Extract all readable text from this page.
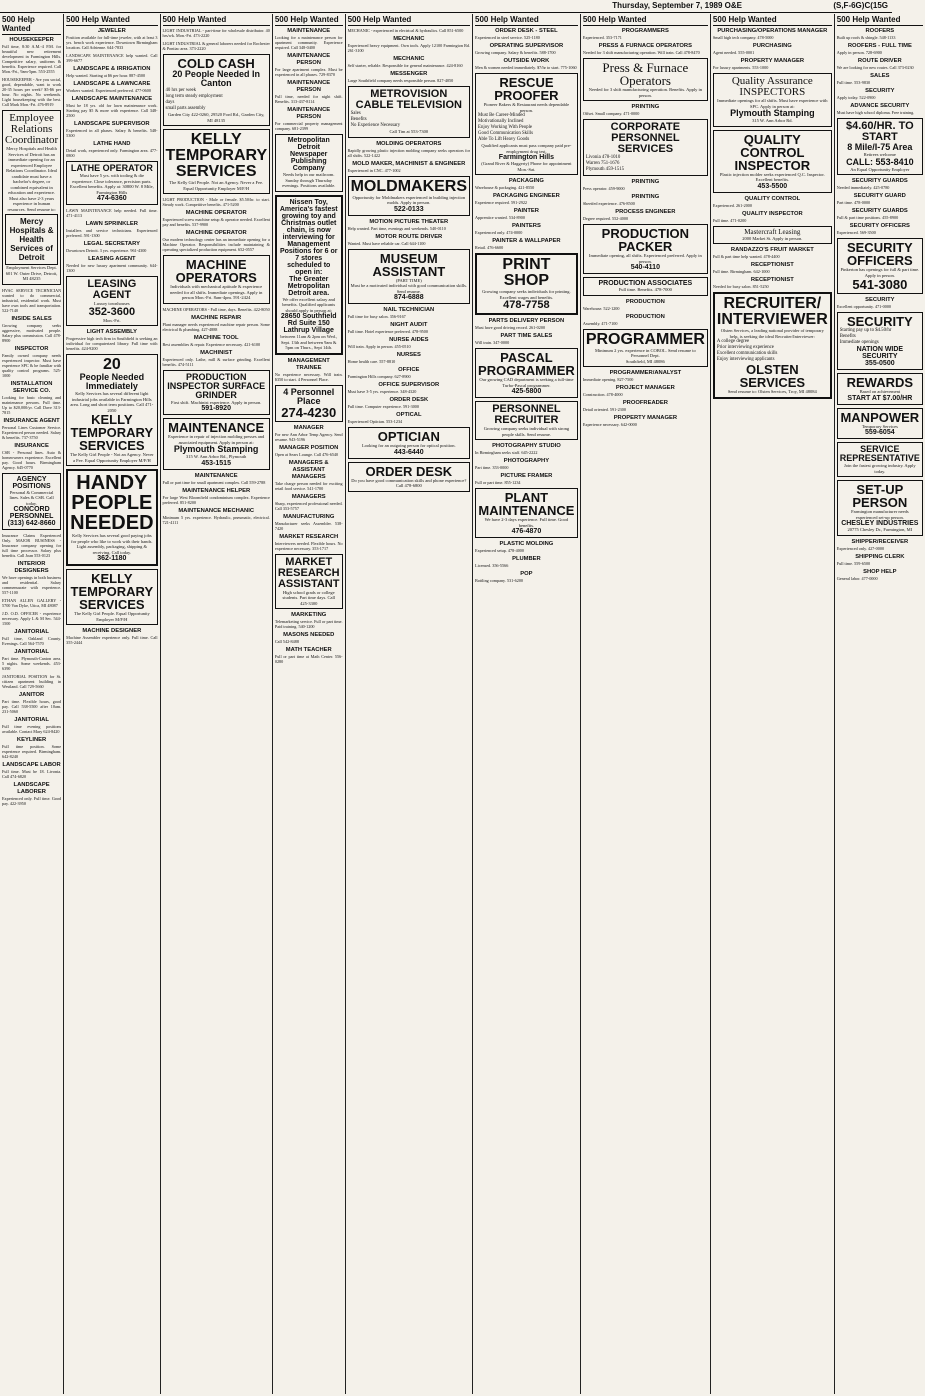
Thursday, September 7, 1989 O&E	(S,F-6G)C(15G
500 Help Wanted
HOUSEKEEPER
Full time, 8:30 A.M.-4 P.M. for beautiful new retirement development in Farmington Hills. Competitive salary, uniforms & benefits. Experience required. Call Mon.-Fri., 9am-5pm. 553-2555
HOUSEKEEPER - Are you social, good, dependable, want to work 20-35 hours per week? $5-$6 per hour. No nights. No weekends. Light housekeeping with the best. Call Mark Mon.-Fri. 476-8919
Employee Relations Coordinator
Mercy Hospitals and Health Services of Detroit has an immediate opening for an experienced Employee Relations Coordinator. Ideal candidate must have a bachelor's degree, or combined equivalent in education and experience. Must also have 2-3 years experience in human resources. Send resume to:
Mercy Hospitals & Health Services of Detroit
Employment Services Dept. 601 W. Outer Drive, Detroit, MI 48235
HVAC SERVICE TECHNICIAN wanted to do commercial, industrial, residential work. Must have own tools and transportation. 522-7140
INSIDE SALES
Growing company seeks aggressive, motivated people. Salary plus commission. Call 478-8900
INSPECTOR
Family owned company needs experienced inspector. Must have experience SPC & be familiar with quality control programs. 525-1000
INSTALLATION SERVICE CO.
Looking for basic cleaning and maintenance persons. Full time. Up to $20,000/yr. Call Dave 313-7815
INSURANCE AGENT
Personal Lines Customer Service. Experienced person needed. Salary & benefits. 737-3750
INSURANCE
CSR - Personal lines. Auto & homeowners experience. Excellent pay. Good hours. Birmingham Agency. 645-0770
AGENCY POSITIONS
Personal & Commercial lines. Sales & CSR. Call today.
CONCORD PERSONNEL
(313) 642-8660
Insurance Claims Experienced Only. MAJOR BUSINESS - Insurance company opening for full time processor. Salary plus benefits. Call Joan 553-0123
INTERIOR DESIGNERS
We have openings in both business and residential. Salary commensurate with experience. 557-1100
ETHAN ALLEN GALLERY - 5700 Van Dyke, Utica, MI 48087
J.D. O.D. OFFICER - experience necessary. Apply L & M Sec. 544-1500
JANITORIAL
Full time, Oakland County. Evenings. Call 564-7570
JANITORIAL
Part time. Plymouth-Canton area. 5 nights. Some weekends. 453-6390
JANITORIAL POSITION for St. citizen apartment building in Westland. Call 729-5660
JANITOR
Part time. Flexible hours, good pay. Call 538-5500 after 10am. 231-5060
JANITORIAL
Full time evening positions available. Contact Mary 624-8420
KEYLINER
Full time position. Some experience required. Birmingham. 642-8240
LANDSCAPE LABOR
Full time. Must be 18. Livonia. Call 474-6820
LANDSCAPE LABORER
Experienced only. Full time. Good pay. 422-3950
500 Help Wanted
JEWELER
Position available for full-time jeweler, with at least 3 yrs. bench work experience. Downtown Birmingham location. Call Adrienne. 644-7833
LANDSCAPE MAINTENANCE help wanted. Call 399-6677
LANDSCAPE & IRRIGATION
Help wanted. Starting at $6 per hour. 887-4500
LANDSCAPE & LAWNCARE
Workers wanted. Experienced preferred. 477-0600
LANDSCAPE MAINTENANCE
Must be 18 yrs. old for lawn maintenance work. Starting pay $5 & more with experience. Call 348-2500
LANDSCAPE SUPERVISOR
Experienced in all phases. Salary & benefits. 548-5300
LATHE HAND
Detail work, experienced only. Farmington area. 477-0800
LATHE OPERATOR
Must have 5 yrs. with tooling & die experience. Close tolerance, precision parts. Excellent benefits. Apply at: 30800 W. 8 Mile, Farmington Hills
474-6360
LAWN MAINTENANCE help needed. Full time. 471-4113
LAWN SPRINKLER
Installers and service technicians. Experienced preferred. 591-1300
LEGAL SECRETARY
Downtown Detroit. 3 yrs. experience. 961-4300
LEASING AGENT
Needed for new luxury apartment community. 644-1300
LEASING AGENT
Luxury townhouses
352-3600
Mon.-Fri.
LIGHT ASSEMBLY
Progressive high tech firm in Southfield is seeking an individual for computerized library. Full time with benefits. 424-9200
20
People Needed Immediately
Kelly Services has several different light industrial jobs available in Farmington Hills area. Long and short term positions. Call 471-2050
KELLY TEMPORARY SERVICES
The Kelly Girl People - Not an Agency. Never a Fee. Equal Opportunity Employer M/F/H
HANDY PEOPLE NEEDED
Kelly Services has several good paying jobs for people who like to work with their hands. Light assembly, packaging, shipping & receiving. Call today.
362-1180
KELLY TEMPORARY SERVICES
The Kelly Girl People. Equal Opportunity Employer M/F/H
MACHINE DESIGNER
Machine Assembler experience only. Full time. Call 355-2444
500 Help Wanted
LIGHT INDUSTRIAL - part-time for wholesale distributor. 40 hrs/wk. Mon.-Fri. 473-2220
LIGHT INDUSTRIAL & general laborers needed for Rochester & Pontiac area. 373-2220
COLD CASH
20 People Needed In Canton
40 hrs per week
long term steady employment
days
small parts assembly
Garden City 422-0260, 29520 Ford Rd., Garden City, MI 48135
KELLY TEMPORARY SERVICES
The Kelly Girl People. Not an Agency. Never a Fee. Equal Opportunity Employer M/F/H
LIGHT PRODUCTION - Male or female. $5.50/hr. to start. Steady work. Competitive benefits. 471-5200
MACHINE OPERATOR
Experienced screw machine setup & operator needed. Excellent pay and benefits. 537-9900
MACHINE OPERATOR
Our modern technology center has an immediate opening for a Machine Operator. Responsibilities include maintaining & operating specialized production equipment. 652-0557
MACHINE OPERATORS
Individuals with mechanical aptitude & experience needed for all shifts. Immediate openings. Apply in person Mon.-Fri. 8am-4pm. 591-2424
MACHINE OPERATORS - Full time, days. Benefits. 422-8050
MACHINE REPAIR
Plant manager needs experienced machine repair person. Some electrical & plumbing. 427-4888
MACHINE TOOL
Best assemblies & repair. Experience necessary. 421-6100
MACHINIST
Experienced only. Lathe, mill & surface grinding. Excellent benefits. 474-5111
PRODUCTION INSPECTOR SURFACE GRINDER
First shift. Machinist experience. Apply in person.
591-8920
MAINTENANCE
Experience in repair of injection molding presses and associated equipment. Apply in person at:
Plymouth Stamping
315 W. Ann Arbor Rd., Plymouth
453-1515
MAINTENANCE
Full or part time for small apartment complex. Call 559-2788
MAINTENANCE HELPER
For large West Bloomfield condominium complex. Experience preferred. 851-8200
MAINTENANCE MECHANIC
Minimum 5 yrs. experience. Hydraulic, pneumatic, electrical. 721-4111
500 Help Wanted
MAINTENANCE
Looking for a maintenance person for apartment community. Experience required. Call 348-0400
MAINTENANCE PERSON
For large apartment complex. Must be experienced in all phases. 729-8370
MAINTENANCE PERSON
Full time, needed for night shift. Benefits. 313-437-8114
MAINTENANCE PERSON
For commercial property management company. 681-2399
Metropolitan Detroit Newspaper Publishing Company
Needs help in our mailroom. Sunday through Thursday evenings. Positions available.
Nissen Toy, America's fastest growing toy and Christmas outlet chain, is now interviewing for Management Positions for 6 or 7 stores scheduled to open in:
The Greater Metropolitan Detroit area.
We offer excellent salary and benefits. Qualified applicants should apply in person at:
28650 Southfield Rd Suite 150 Lathrup Village
between 11am & 2pm on Wed., Sept. 13th and between 9am & 5pm on Thurs., Sept 14th.
MANAGEMENT TRAINEE
No experience necessary. Will train. $350 to start. 4 Personnel Place.
4 Personnel Place
274-4230
MANAGER
For new Ann Arbor Temp Agency. Send resume. 943-5196
MANAGER POSITION
Open at Sears Lounge. Call 476-6540
MANAGERS & ASSISTANT MANAGERS
Take charge person needed for exciting retail food service. 541-1700
MANAGERS
Sharp, experienced professional needed. Call 353-5757
MANUFACTURING
Manufacturer seeks Assembler. 538-7420
MARKET RESEARCH
Interviewers needed. Flexible hours. No experience necessary. 353-1717
MARKET RESEARCH ASSISTANT
High school grads or college students. Part time days. Call 425-3300
MARKETING
Telemarketing service. Full or part time. Paid training. 540-1200
MASONS NEEDED
Call 542-8488
MATH TEACHER
Full or part time at Math Center. 556-0280
500 Help Wanted
MECHANIC - experienced in electrical & hydraulics. Call 851-6500
MECHANIC
Experienced heavy equipment. Own tools. Apply 12100 Farmington Rd. 261-3100
MECHANIC
Self starter, reliable. Responsible for general maintenance. 424-8160
MESSENGER
Large Southfield company needs responsible person. 827-4050
METROVISION CABLE TELEVISION
Sales
Benefits
No Experience Necessary
Call Tim at 553-7300
MOLDING OPERATORS
Rapidly growing plastic injection molding company seeks operators for all shifts. 522-1422
MOLD MAKER, MACHINIST & ENGINEER
Experienced in CNC. 477-1002
MOLDMAKERS
Opportunity for Moldmakers experienced in building injection molds. Apply in person.
522-0133
MOTION PICTURE THEATER
Help wanted. Part time, evenings and weekends. 540-0110
MOTOR ROUTE DRIVER
Wanted. Must have reliable car. Call 644-1100
MUSEUM ASSISTANT
(PART TIME)
Must be a motivated individual with good communication skills. Send resume.
874-6888
NAIL TECHNICIAN
Full time for busy salon. 356-9167
NIGHT AUDIT
Full time. Hotel experience preferred. 478-9500
NURSE AIDES
Will train. Apply in person. 455-0510
NURSES
Home health care. 557-8810
OFFICE
Farmington Hills company. 627-8900
OFFICE SUPERVISOR
Must have 3-5 yrs. experience. 348-4320
ORDER DESK
Full time. Computer experience. 591-3000
OPTICAL
Experienced Optician. 553-1234
OPTICIAN
Looking for an outgoing person for optical position.
443-6440
ORDER DESK
Do you have good communication skills and phone experience? Call 478-6800
500 Help Wanted
ORDER DESK - STEEL
Experienced in steel service. 525-1180
OPERATING SUPERVISOR
Growing company. Salary & benefits. 588-1700
OUTSIDE WORK
Men & women needed immediately. $7/hr to start. 775-1060
RESCUE PROOFER
Pioneer Bakers & Restaurant needs dependable person.
Must Be Career-Minded
Motivationally Inclined
Enjoy Working With People
Good Communication Skills
Able To Lift Heavy Goods
Qualified applicants must pass company paid pre-employment drug test.
Farmington Hills
(Grand River & Haggerty) Phone for appointment Mon.-Sat.
PACKAGING
Warehouse & packaging. 421-8550
PACKAGING ENGINEER
Experience required. 591-2922
PAINTER
Apprentice wanted. 534-8900
PAINTERS
Experienced only. 474-0000
PAINTER & WALLPAPER
Retail. 476-6600
PRINT SHOP
Growing company seeks individuals for printing. Excellent wages and benefits.
478-7758
PARTS DELIVERY PERSON
Must have good driving record. 261-0200
PART TIME SALES
Will train. 347-0000
PASCAL PROGRAMMER
Our growing CAD department is seeking a full-time Turbo-Pascal programmer.
425-5800
PERSONNEL RECRUITER
Growing company seeks individual with strong people skills. Send resume.
PHOTOGRAPHY STUDIO
In Birmingham seeks staff. 645-2222
PHOTOGRAPHY
Part time. 353-0000
PICTURE FRAMER
Full or part time. 855-1234
PLANT MAINTENANCE
We have 2-3 days experience. Full time. Good benefits.
476-4870
PLASTIC MOLDING
Experienced setup. 478-4000
PLUMBER
Licensed. 356-5566
POP
Bottling company. 531-6200
500 Help Wanted
PROGRAMMERS
Experienced. 353-7171
PRESS & FURNACE OPERATORS
Needed for 3 shift manufacturing operation. Will train. Call 478-8470
Press & Furnace Operators
Needed for 3 shift manufacturing operation. Benefits. Apply in person.
PRINTING
Offset. Small company. 471-0000
CORPORATE PERSONNEL SERVICES
Livonia 478-1010
Warren 751-1676
Plymouth 459-1515
PRINTING
Press operator. 459-9000
PRINTING
Sheetfed experience. 476-8500
PROCESS ENGINEER
Degree required. 552-4000
PRODUCTION PACKER
Immediate opening, all shifts. Experienced preferred. Apply in person.
540-4110
PRODUCTION ASSOCIATES
Full time. Benefits. 478-7000
PRODUCTION
Warehouse. 522-1200
PRODUCTION
Assembly. 471-7100
PROGRAMMER
Minimum 2 yrs. experience in COBOL. Send resume to Personnel Dept.
Southfield, MI 48086
PROGRAMMER/ANALYST
Immediate opening. 827-7500
PROJECT MANAGER
Construction. 478-4000
PROOFREADER
Detail oriented. 591-2300
PROPERTY MANAGER
Experience necessary. 642-0000
500 Help Wanted
PURCHASING/OPERATIONS MANAGER
Small high tech company. 478-5000
PURCHASING
Agent needed. 555-0001
PROPERTY MANAGER
For luxury apartments. 553-1000
Quality Assurance INSPECTORS
Immediate openings for all shifts. Must have experience with SPC. Apply in person at:
Plymouth Stamping
315 W. Ann Arbor Rd.
QUALITY CONTROL INSPECTOR
Plastic injection molder seeks experienced Q.C. Inspector. Excellent benefits.
453-5500
QUALITY CONTROL
Experienced. 261-2000
QUALITY INSPECTOR
Full time. 471-0200
Mastercraft Leasing
2000 Market St. Apply in person.
RANDAZZO'S FRUIT MARKET
Full & part time help wanted. 478-4400
RECEPTIONIST
Full time. Birmingham. 642-1000
RECEPTIONIST
Needed for busy salon. 851-5250
RECRUITER/ INTERVIEWER
Olsten Services, a leading national provider of temporary help, is seeking the ideal Recruiter/Interviewer:
A college degree
Prior interviewing experience
Excellent communication skills
Enjoy interviewing applicants
OLSTEN SERVICES
Send resume to: Olsten Services, Troy, MI 48084
500 Help Wanted
ROOFERS
Built up roofs & shingle. 548-1133
ROOFERS - FULL TIME
Apply in person. 728-6900
ROUTE DRIVER
We are looking for new routes. Call 373-0230
SALES
Full time. 553-9830
SECURITY
Apply today. 522-0900
ADVANCE SECURITY
Must have high school diploma. Free training.
$4.60/HR. TO START
8 Mile/I-75 Area
Retirees welcome
CALL: 553-8410
An Equal Opportunity Employer
SECURITY GUARDS
Needed immediately. 425-0780
SECURITY GUARD
Part time. 478-0000
SECURITY GUARDS
Full & part time positions. 455-8900
SECURITY OFFICERS
Experienced. 569-3500
SECURITY OFFICERS
Pinkerton has openings for full & part time. Apply in person.
541-3080
SECURITY
Excellent opportunity. 471-0000
SECURITY
Starting pay up to $4.50/hr
Benefits
Immediate openings
NATION WIDE SECURITY
355-0500
REWARDS
Based on achievement
START AT $7.00/HR
MANPOWER
Temporary Services
559-6054
SERVICE REPRESENTATIVE
Join the fastest growing industry. Apply today.
SET-UP PERSON
Farmington manufacturer needs experienced set-up person.
CHESLEY INDUSTRIES
20775 Chesley Dr., Farmington, MI
SHIPPER/RECEIVER
Experienced only. 427-0000
SHIPPING CLERK
Full time. 559-6500
SHOP HELP
General labor. 477-0000
